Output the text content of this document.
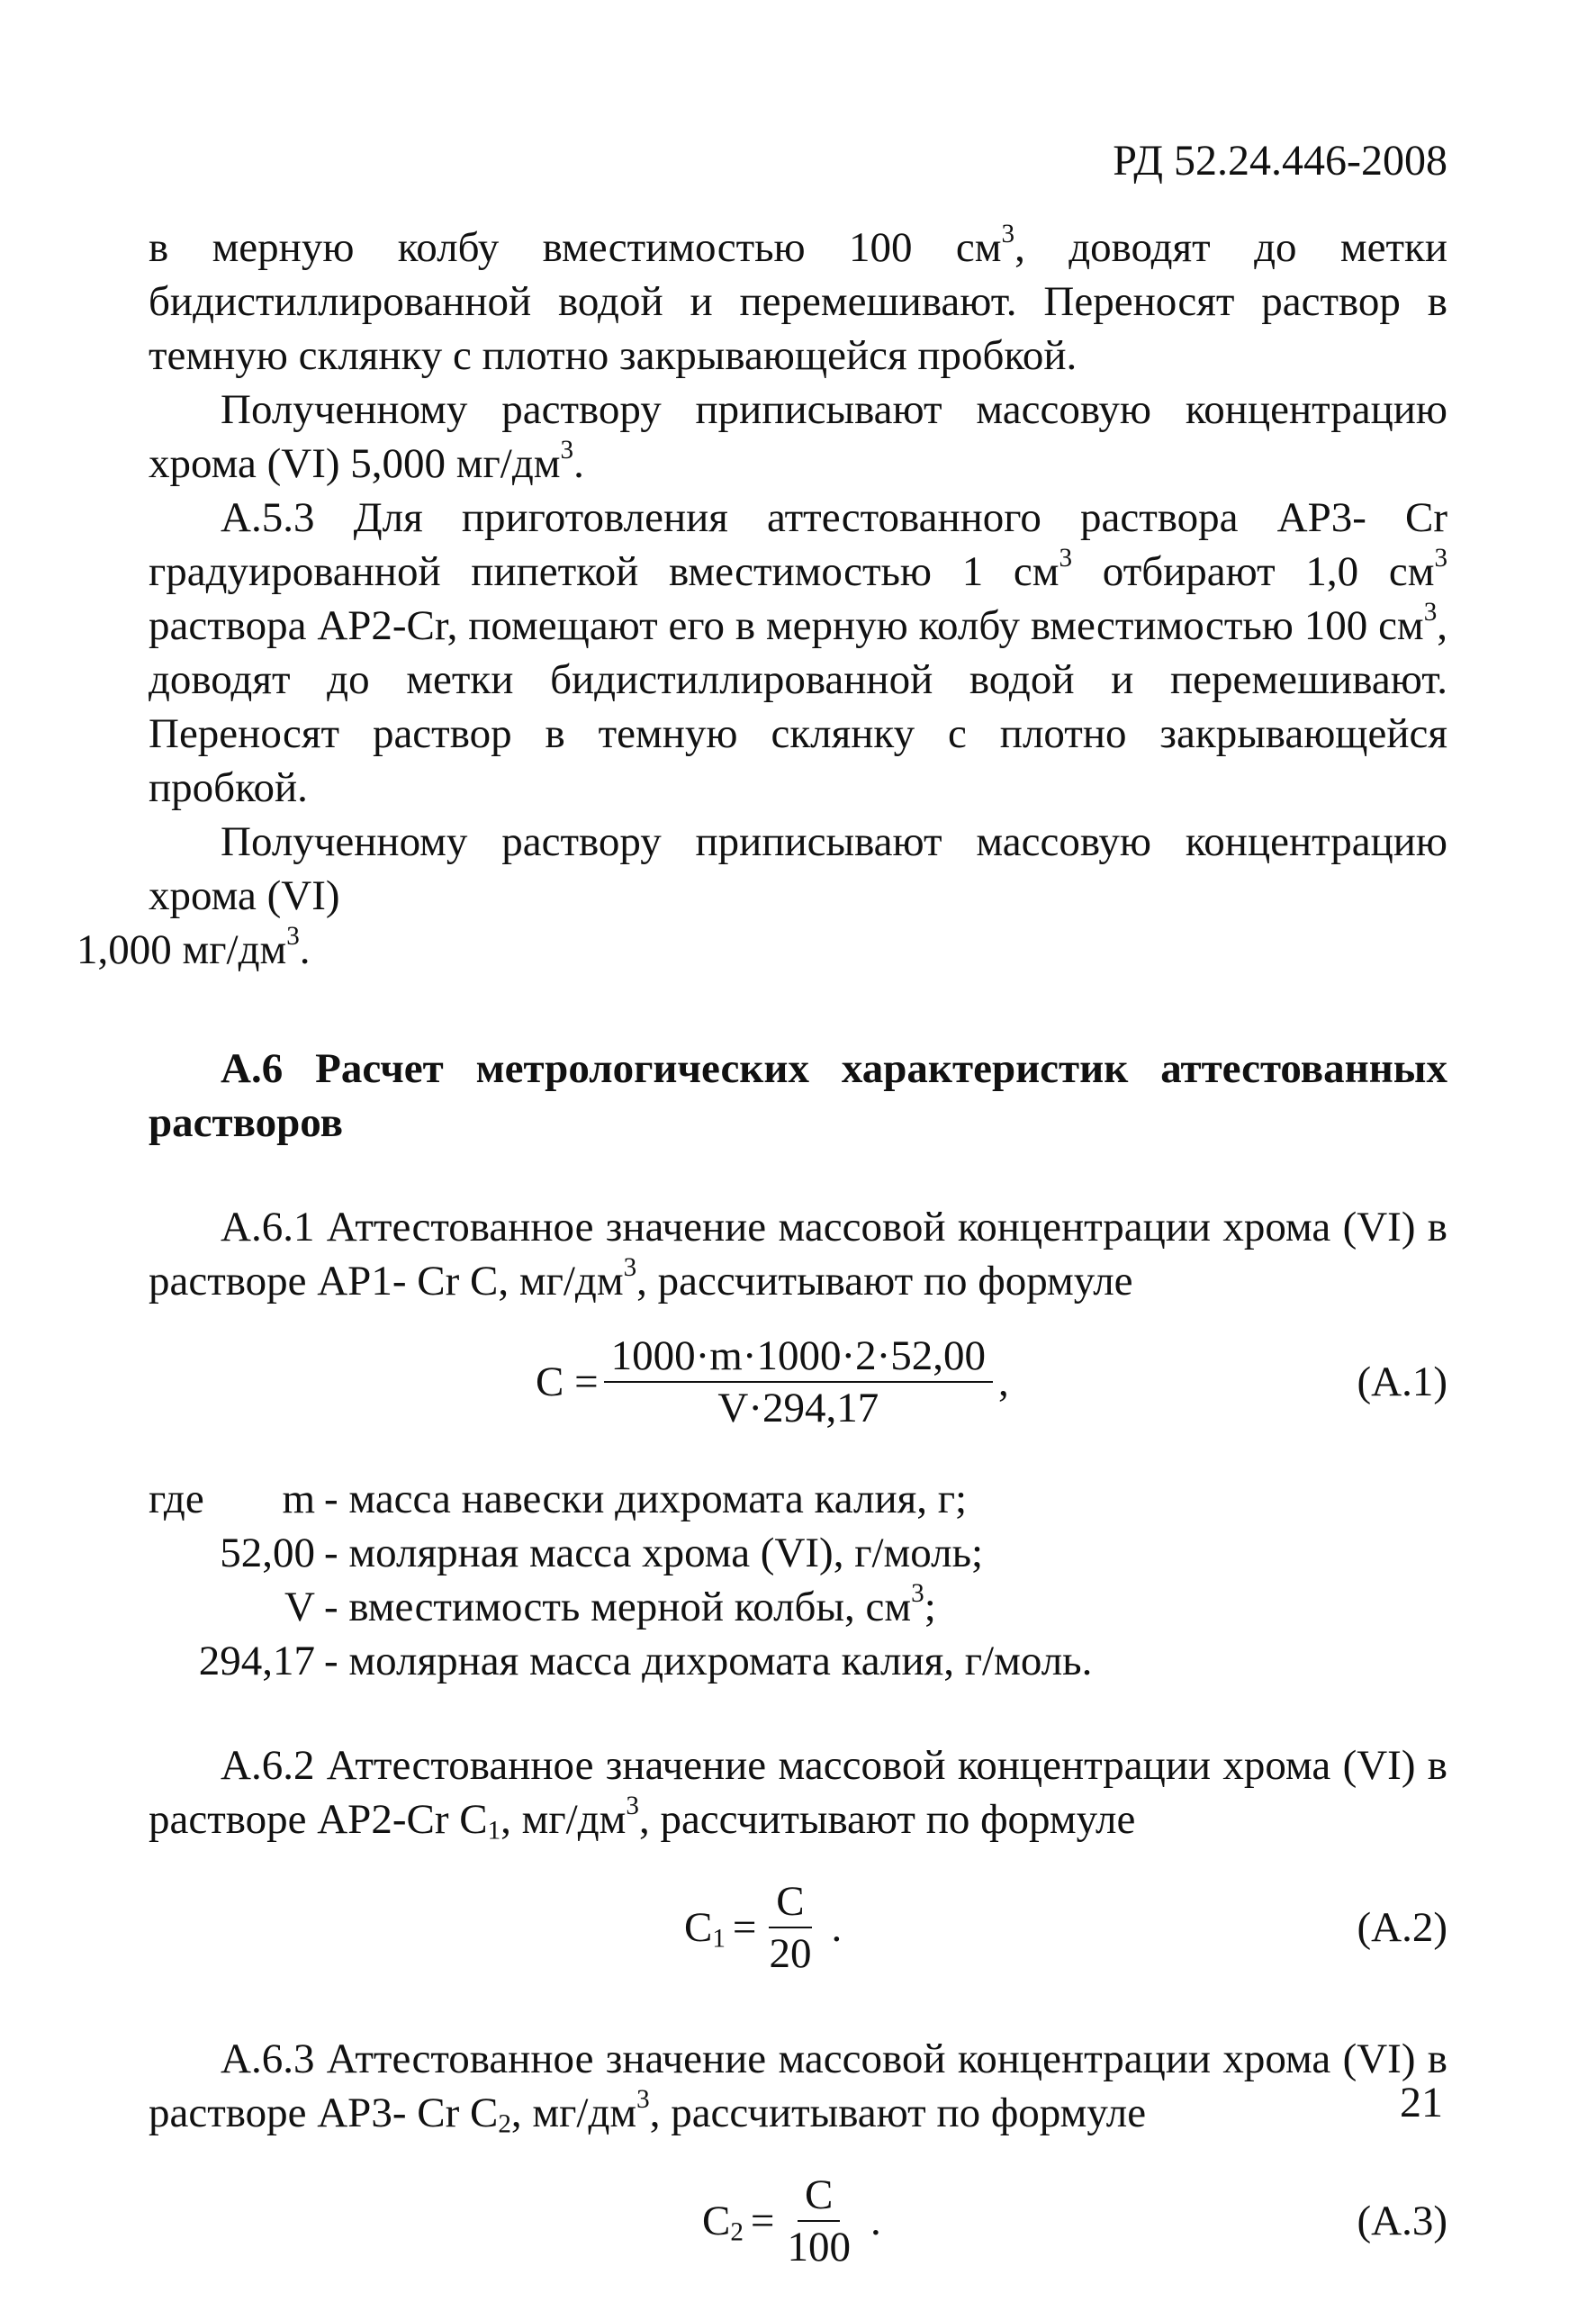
РД 52.24.446-2008

в мерную колбу вместимостью 100 $см^3$, доводят до метки бидистиллированной водой и перемешивают. Переносят раствор в темную склянку с плотно закрывающейся пробкой.

Полученному раствору приписывают массовую концентрацию хрома (VI) 5,000 $мг/дм^3$.

А.5.3 Для приготовления аттестованного раствора АР3- Cr градуированной пипеткой вместимостью 1 $см^3$ отбирают 1,0 $см^3$ раствора АР2-Cr, помещают его в мерную колбу вместимостью 100 $см^3$, доводят до метки бидистиллированной водой и перемешивают. Переносят раствор в темную склянку с плотно закрывающейся пробкой.

Полученному раствору приписывают массовую концентрацию хрома (VI)
1,000 $мг/дм^3$.

А.6 Расчет метрологических характеристик аттестованных растворов

А.6.1 Аттестованное значение массовой концентрации хрома (VI) в растворе АР1- Cr С, $мг/дм^3$, рассчитывают по формуле

$С = \frac{1000\cdot m\cdot 1000\cdot 2\cdot 52,00}{V\cdot 294,17}$ ,	(А.1)
где	m - масса навески дихромата калия, г;
52,00 - молярная масса хрома (VI), г/моль;
V - вместимость мерной колбы, $см^3$;
294,17 - молярная масса дихромата калия, г/моль.

А.6.2 Аттестованное значение массовой концентрации хрома (VI) в растворе АР2-Cr $С_1$, $мг/дм^3$, рассчитывают по формуле

$С_1 = \frac{С}{20}$ .	(А.2)

А.6.3 Аттестованное значение массовой концентрации хрома (VI) в растворе АР3- Cr $С_2$, $мг/дм^3$, рассчитывают по формуле

$С_2 = \frac{С}{100}$ .	(А.3)
21
